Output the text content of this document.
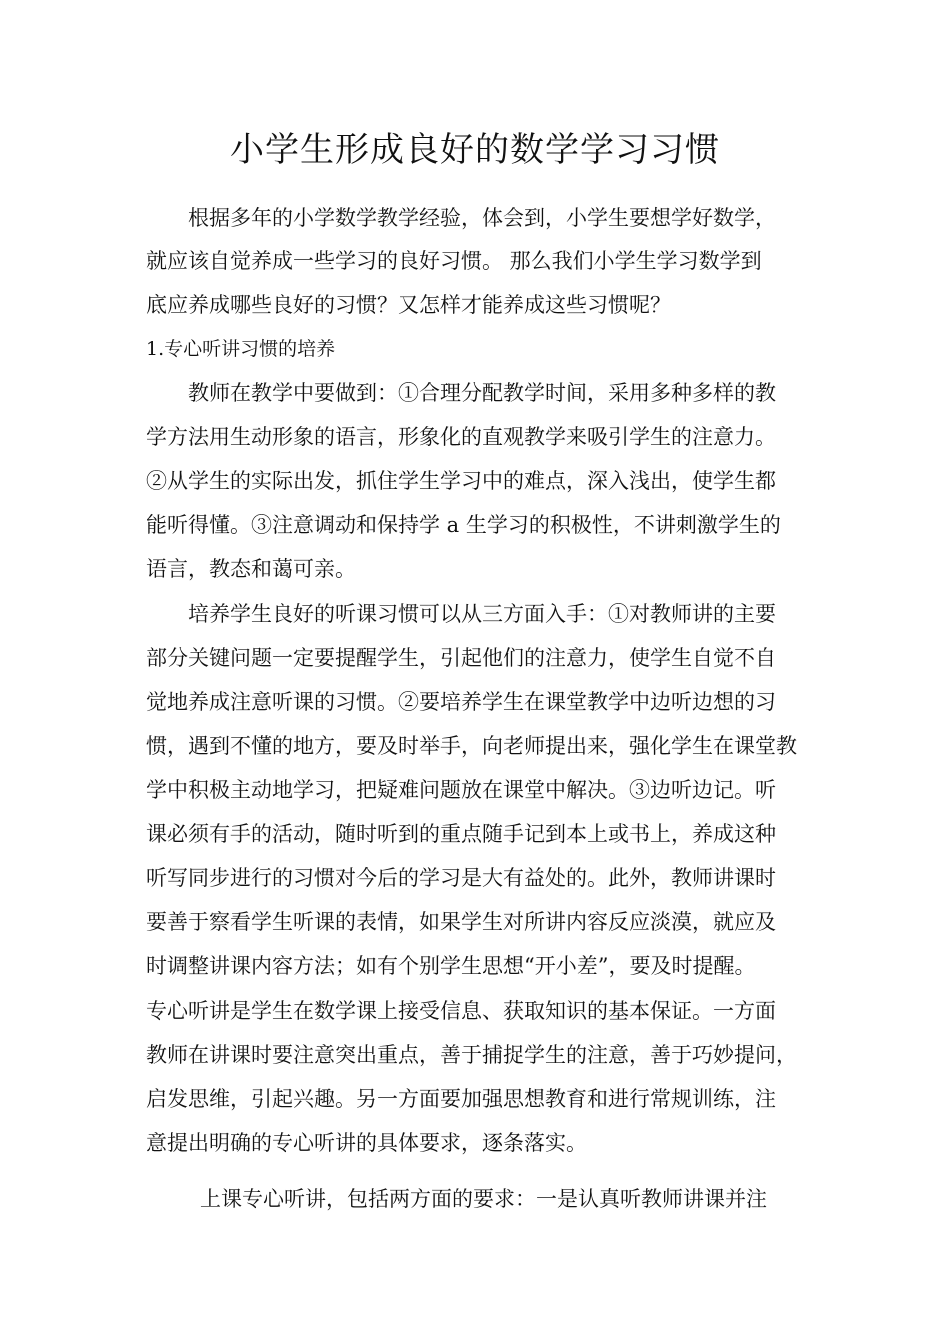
小学生形成良好的数学学习习惯

根据多年的小学数学教学经验，体会到，小学生要想学好数学，

就应该自觉养成一些学习的良好习惯。 那么我们小学生学习数学到

底应养成哪些良好的习惯？又怎样才能养成这些习惯呢？

1.专心听讲习惯的培养

教师在教学中要做到：①合理分配教学时间，采用多种多样的教

学方法用生动形象的语言，形象化的直观教学来吸引学生的注意力。

②从学生的实际出发，抓住学生学习中的难点，深入浅出，使学生都

能听得懂。③注意调动和保持学 a 生学习的积极性，不讲刺激学生的

语言，教态和蔼可亲。

培养学生良好的听课习惯可以从三方面入手：①对教师讲的主要

部分关键问题一定要提醒学生，引起他们的注意力，使学生自觉不自

觉地养成注意听课的习惯。②要培养学生在课堂教学中边听边想的习

惯，遇到不懂的地方，要及时举手，向老师提出来，强化学生在课堂教

学中积极主动地学习，把疑难问题放在课堂中解决。③边听边记。听

课必须有手的活动，随时听到的重点随手记到本上或书上，养成这种

听写同步进行的习惯对今后的学习是大有益处的。此外，教师讲课时

要善于察看学生听课的表情，如果学生对所讲内容反应淡漠，就应及

时调整讲课内容方法；如有个别学生思想“开小差”，要及时提醒。

专心听讲是学生在数学课上接受信息、获取知识的基本保证。一方面

教师在讲课时要注意突出重点，善于捕捉学生的注意，善于巧妙提问，

启发思维，引起兴趣。另一方面要加强思想教育和进行常规训练，注

意提出明确的专心听讲的具体要求，逐条落实。

上课专心听讲，包括两方面的要求：一是认真听教师讲课并注
